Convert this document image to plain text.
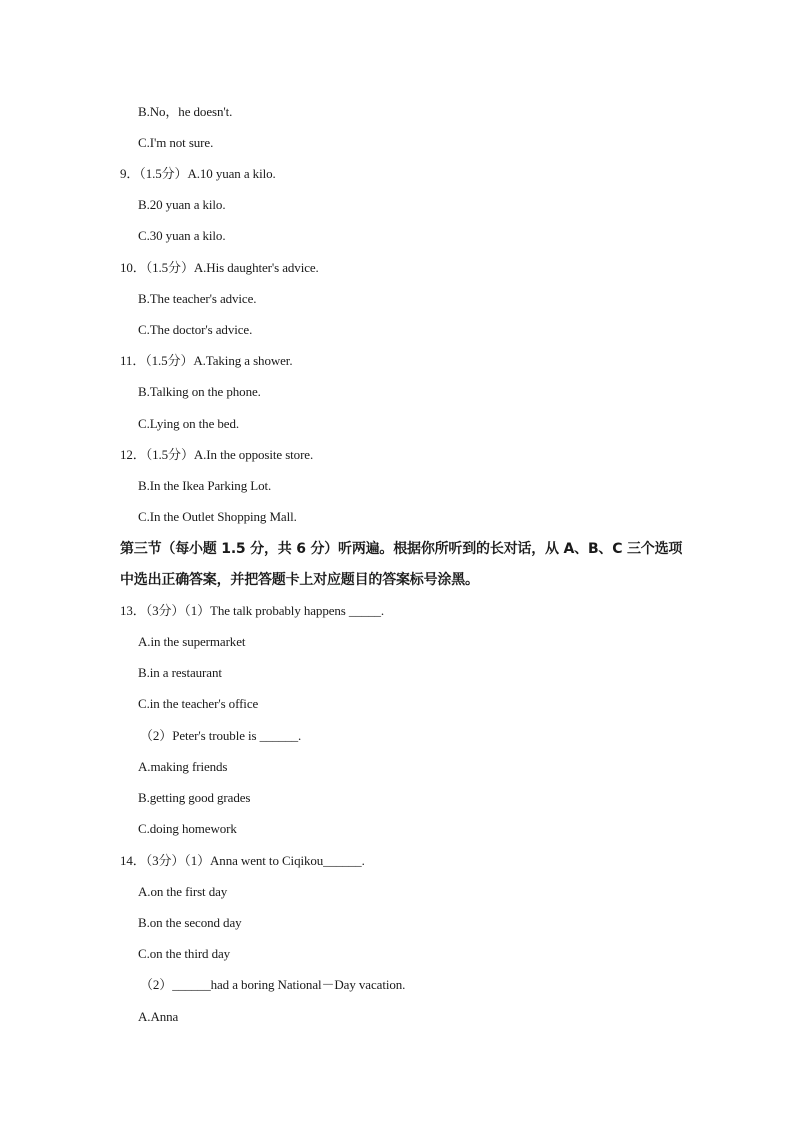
B.No，he doesn't.
C.I'm not sure.
9．（1.5分）A.10 yuan a kilo.
B.20 yuan a kilo.
C.30 yuan a kilo.
10．（1.5分）A.His daughter's advice.
B.The teacher's advice.
C.The doctor's advice.
11．（1.5分）A.Taking a shower.
B.Talking on the phone.
C.Lying on the bed.
12．（1.5分）A.In the opposite store.
B.In the Ikea Parking Lot.
C.In the Outlet Shopping Mall.
第三节（每小题 1.5 分，共 6 分）听两遍。根据你所听到的长对话，从 A、B、C 三个选项
中选出正确答案，并把答题卡上对应题目的答案标号涂黑。
13．（3分）（1）The talk probably happens _____.
A.in the supermarket
B.in a restaurant
C.in the teacher's office
（2）Peter's trouble is ______.
A.making friends
B.getting good grades
C.doing homework
14．（3分）（1）Anna went to Ciqikou______.
A.on the first day
B.on the second day
C.on the third day
（2）______had a boring National－Day vacation.
A.Anna
